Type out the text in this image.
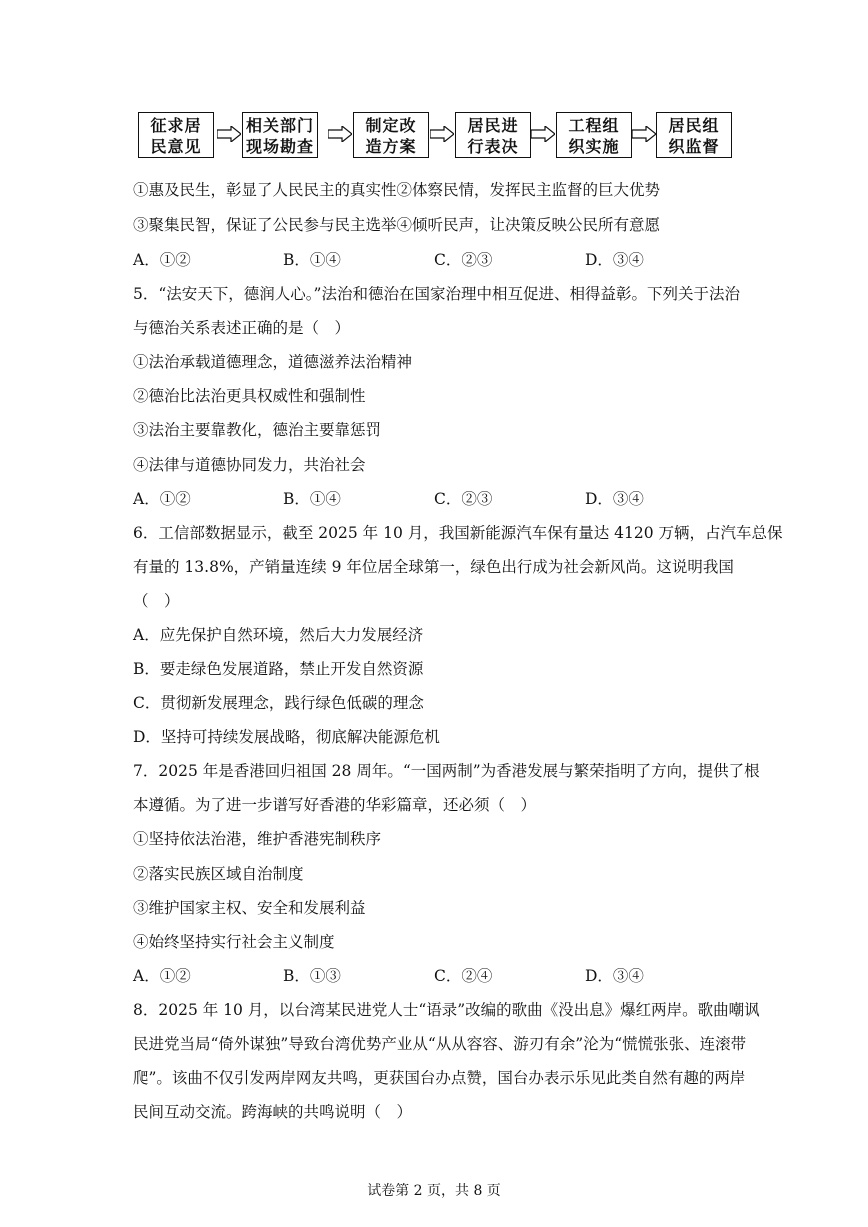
征求居
民意见
相关部门
现场勘查
制定改
造方案
居民进
行表决
工程组
织实施
居民组
织监督
①惠及民生，彰显了人民民主的真实性②体察民情，发挥民主监督的巨大优势
③聚集民智，保证了公民参与民主选举④倾听民声，让决策反映公民所有意愿
A．①②	B．①④	C．②③	D．③④
5．“法安天下，德润人心。”法治和德治在国家治理中相互促进、相得益彰。下列关于法治
与德治关系表述正确的是（　）
①法治承载道德理念，道德滋养法治精神
②德治比法治更具权威性和强制性
③法治主要靠教化，德治主要靠惩罚
④法律与道德协同发力，共治社会
A．①②	B．①④	C．②③	D．③④
6．工信部数据显示，截至 2025 年 10 月，我国新能源汽车保有量达 4120 万辆，占汽车总保
有量的 13.8%，产销量连续 9 年位居全球第一，绿色出行成为社会新风尚。这说明我国
（　）
A．应先保护自然环境，然后大力发展经济
B．要走绿色发展道路，禁止开发自然资源
C．贯彻新发展理念，践行绿色低碳的理念
D．坚持可持续发展战略，彻底解决能源危机
7．2025 年是香港回归祖国 28 周年。“一国两制”为香港发展与繁荣指明了方向，提供了根
本遵循。为了进一步谱写好香港的华彩篇章，还必须（　）
①坚持依法治港，维护香港宪制秩序
②落实民族区域自治制度
③维护国家主权、安全和发展利益
④始终坚持实行社会主义制度
A．①②	B．①③	C．②④	D．③④
8．2025 年 10 月，以台湾某民进党人士“语录”改编的歌曲《没出息》爆红两岸。歌曲嘲讽
民进党当局“倚外谋独”导致台湾优势产业从“从从容容、游刃有余”沦为“慌慌张张、连滚带
爬”。该曲不仅引发两岸网友共鸣，更获国台办点赞，国台办表示乐见此类自然有趣的两岸
民间互动交流。跨海峡的共鸣说明（　）
试卷第 2 页，共 8 页
